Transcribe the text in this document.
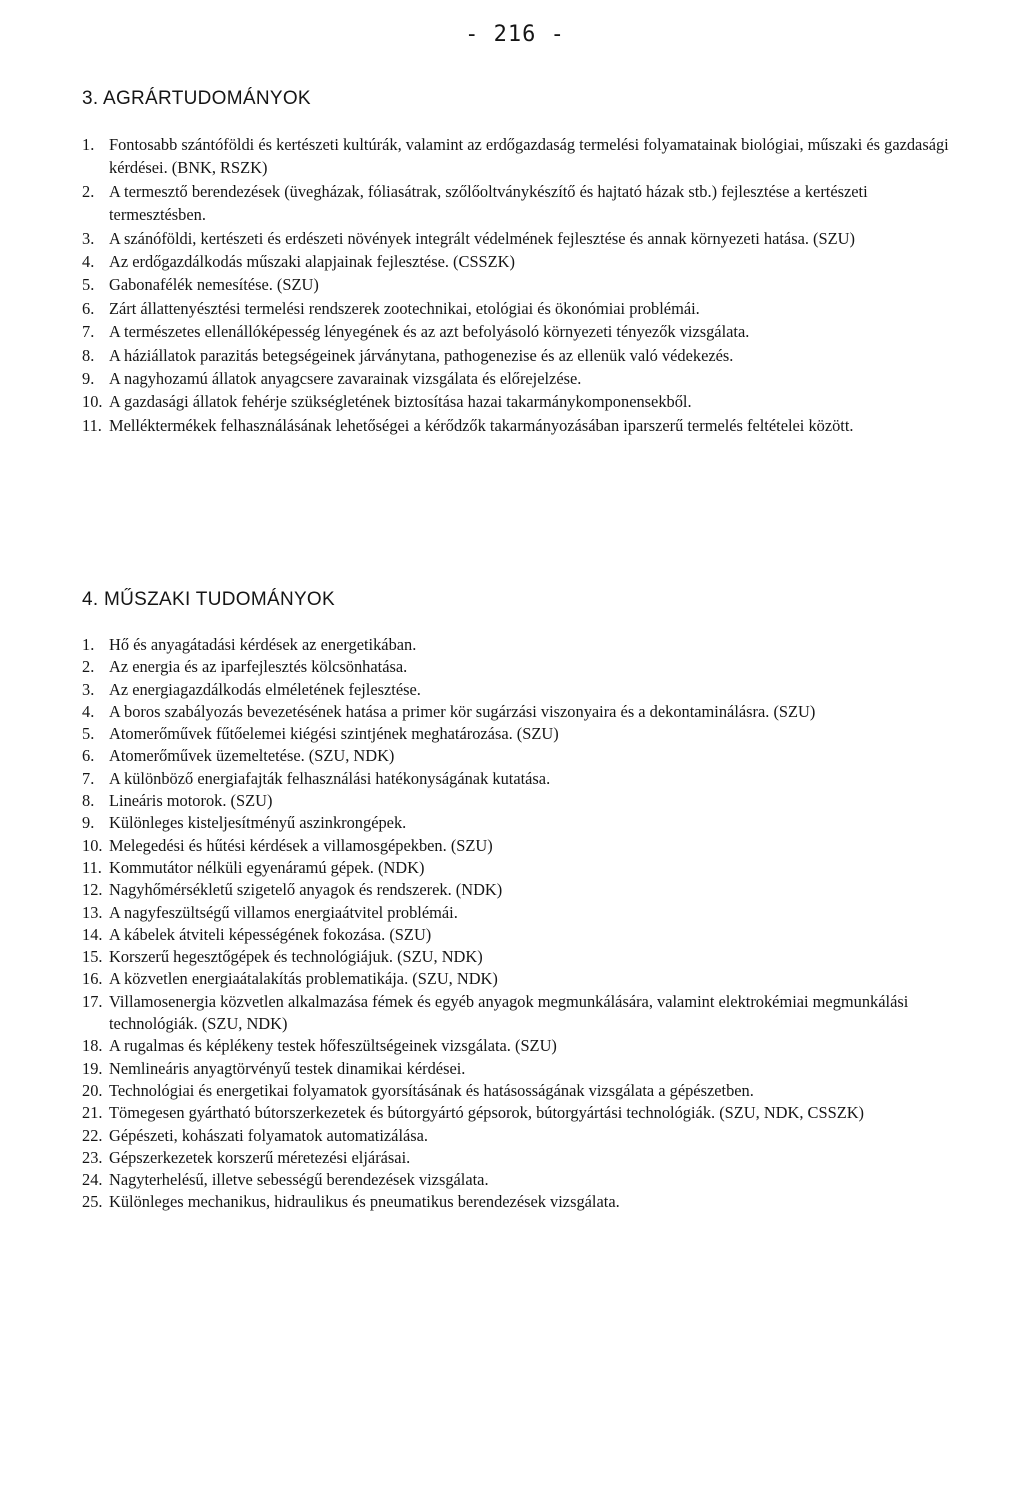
- 216 -
3. AGRÁRTUDOMÁNYOK
1. Fontosabb szántóföldi és kertészeti kultúrák, valamint az erdőgazdaság termelési folyamatainak biológiai, műszaki és gazdasági kérdései. (BNK, RSZK)
2. A termesztő berendezések (üvegházak, fóliasátrak, szőlőoltványkészítő és hajtató házak stb.) fejlesztése a kertészeti termesztésben.
3. A szánóföldi, kertészeti és erdészeti növények integrált védelmének fejlesztése és annak környezeti hatása. (SZU)
4. Az erdőgazdálkodás műszaki alapjainak fejlesztése. (CSSZK)
5. Gabonafélék nemesítése. (SZU)
6. Zárt állattenyésztési termelési rendszerek zootechnikai, etológiai és ökonómiai problémái.
7. A természetes ellenállóképesség lényegének és az azt befolyásoló környezeti tényezők vizsgálata.
8. A háziállatok parazitás betegségeinek járványtana, pathogenezise és az ellenük való védekezés.
9. A nagyhozamú állatok anyagcsere zavarainak vizsgálata és előrejelzése.
10. A gazdasági állatok fehérje szükségletének biztosítása hazai takarmánykomponensekből.
11. Melléktermékek felhasználásának lehetőségei a kérődzők takarmányozásában iparszerű termelés feltételei között.
4. MŰSZAKI TUDOMÁNYOK
1. Hő és anyagátadási kérdések az energetikában.
2. Az energia és az iparfejlesztés kölcsönhatása.
3. Az energiagazdálkodás elméletének fejlesztése.
4. A boros szabályozás bevezetésének hatása a primer kör sugárzási viszonyaira és a dekontaminálásra. (SZU)
5. Atomerőművek fűtőelemei kiégési szintjének meghatározása. (SZU)
6. Atomerőművek üzemeltetése. (SZU, NDK)
7. A különböző energiafajták felhasználási hatékonyságának kutatása.
8. Lineáris motorok. (SZU)
9. Különleges kisteljesítményű aszinkrongépek.
10. Melegedési és hűtési kérdések a villamosgépekben. (SZU)
11. Kommutátor nélküli egyenáramú gépek. (NDK)
12. Nagyhőmérsékletű szigetelő anyagok és rendszerek. (NDK)
13. A nagyfeszültségű villamos energiaátvitel problémái.
14. A kábelek átviteli képességének fokozása. (SZU)
15. Korszerű hegesztőgépek és technológiájuk. (SZU, NDK)
16. A közvetlen energiaátalakítás problematikája. (SZU, NDK)
17. Villamosenergia közvetlen alkalmazása fémek és egyéb anyagok megmunkálására, valamint elektrokémiai megmunkálási technológiák. (SZU, NDK)
18. A rugalmas és képlékeny testek hőfeszültségeinek vizsgálata. (SZU)
19. Nemlineáris anyagtörvényű testek dinamikai kérdései.
20. Technológiai és energetikai folyamatok gyorsításának és hatásosságának vizsgálata a gépészetben.
21. Tömegesen gyártható bútorszerkezetek és bútorgyártó gépsorok, bútorgyártási technológiák. (SZU, NDK, CSSZK)
22. Gépészeti, kohászati folyamatok automatizálása.
23. Gépszerkezetek korszerű méretezési eljárásai.
24. Nagyterhelésű, illetve sebességű berendezések vizsgálata.
25. Különleges mechanikus, hidraulikus és pneumatikus berendezések vizsgálata.
